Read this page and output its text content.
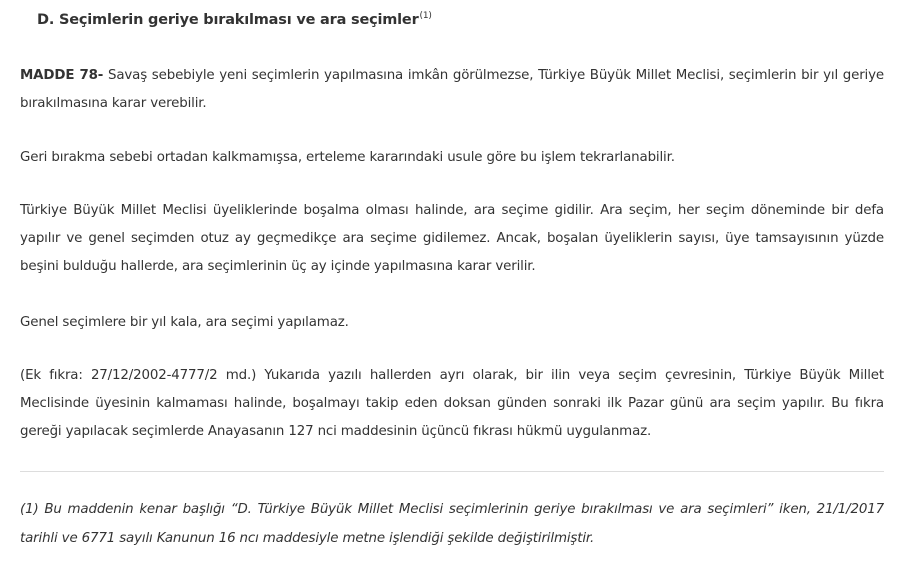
D. Seçimlerin geriye bırakılması ve ara seçimler$^{(1)}$
MADDE 78- Savaş sebebiyle yeni seçimlerin yapılmasına imkân görülmezse, Türkiye Büyük Millet Meclisi, seçimlerin bir yıl geriye bırakılmasına karar verebilir.
Geri bırakma sebebi ortadan kalkmamışsa, erteleme kararındaki usule göre bu işlem tekrarlanabilir.
Türkiye Büyük Millet Meclisi üyeliklerinde boşalma olması halinde, ara seçime gidilir. Ara seçim, her seçim döneminde bir defa yapılır ve genel seçimden otuz ay geçmedikçe ara seçime gidilemez. Ancak, boşalan üyeliklerin sayısı, üye tamsayısının yüzde beşini bulduğu hallerde, ara seçimlerinin üç ay içinde yapılmasına karar verilir.
Genel seçimlere bir yıl kala, ara seçimi yapılamaz.
(Ek fıkra: 27/12/2002-4777/2 md.) Yukarıda yazılı hallerden ayrı olarak, bir ilin veya seçim çevresinin, Türkiye Büyük Millet Meclisinde üyesinin kalmaması halinde, boşalmayı takip eden doksan günden sonraki ilk Pazar günü ara seçim yapılır. Bu fıkra gereği yapılacak seçimlerde Anayasanın 127 nci maddesinin üçüncü fıkrası hükmü uygulanmaz.
(1) Bu maddenin kenar başlığı “D. Türkiye Büyük Millet Meclisi seçimlerinin geriye bırakılması ve ara seçimleri” iken, 21/1/2017 tarihli ve 6771 sayılı Kanunun 16 ncı maddesiyle metne işlendiği şekilde değiştirilmiştir.
